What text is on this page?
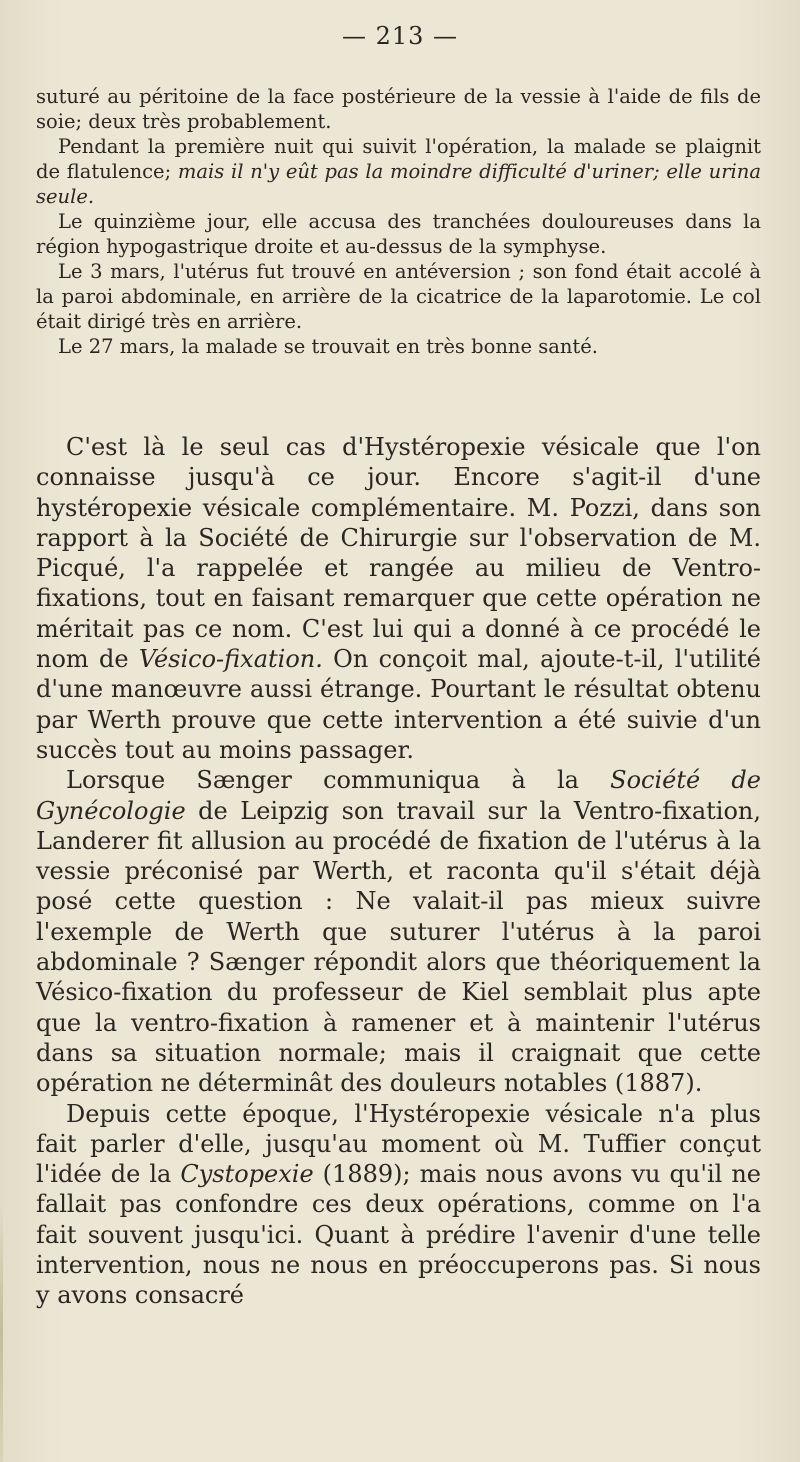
— 213 —

suturé au péritoine de la face postérieure de la vessie à l'aide de fils de soie; deux très probablement.

Pendant la première nuit qui suivit l'opération, la malade se plaignit de flatulence; mais il n'y eût pas la moindre difficulté d'uriner; elle urina seule.

Le quinzième jour, elle accusa des tranchées douloureuses dans la région hypogastrique droite et au-dessus de la symphyse.

Le 3 mars, l'utérus fut trouvé en antéversion ; son fond était accolé à la paroi abdominale, en arrière de la cicatrice de la laparotomie. Le col était dirigé très en arrière.

Le 27 mars, la malade se trouvait en très bonne santé.

C'est là le seul cas d'Hystéropexie vésicale que l'on connaisse jusqu'à ce jour. Encore s'agit-il d'une hystéropexie vésicale complémentaire. M. Pozzi, dans son rapport à la Société de Chirurgie sur l'observation de M. Picqué, l'a rappelée et rangée au milieu de Ventro-fixations, tout en faisant remarquer que cette opération ne méritait pas ce nom. C'est lui qui a donné à ce procédé le nom de Vésico-fixation. On conçoit mal, ajoute-t-il, l'utilité d'une manœuvre aussi étrange. Pourtant le résultat obtenu par Werth prouve que cette intervention a été suivie d'un succès tout au moins passager.

Lorsque Sænger communiqua à la Société de Gynécologie de Leipzig son travail sur la Ventro-fixation, Landerer fit allusion au procédé de fixation de l'utérus à la vessie préconisé par Werth, et raconta qu'il s'était déjà posé cette question : Ne valait-il pas mieux suivre l'exemple de Werth que suturer l'utérus à la paroi abdominale ? Sænger répondit alors que théoriquement la Vésico-fixation du professeur de Kiel semblait plus apte que la ventro-fixation à ramener et à maintenir l'utérus dans sa situation normale; mais il craignait que cette opération ne déterminât des douleurs notables (1887).

Depuis cette époque, l'Hystéropexie vésicale n'a plus fait parler d'elle, jusqu'au moment où M. Tuffier conçut l'idée de la Cystopexie (1889); mais nous avons vu qu'il ne fallait pas confondre ces deux opérations, comme on l'a fait souvent jusqu'ici. Quant à prédire l'avenir d'une telle intervention, nous ne nous en préoccuperons pas. Si nous y avons consacré
